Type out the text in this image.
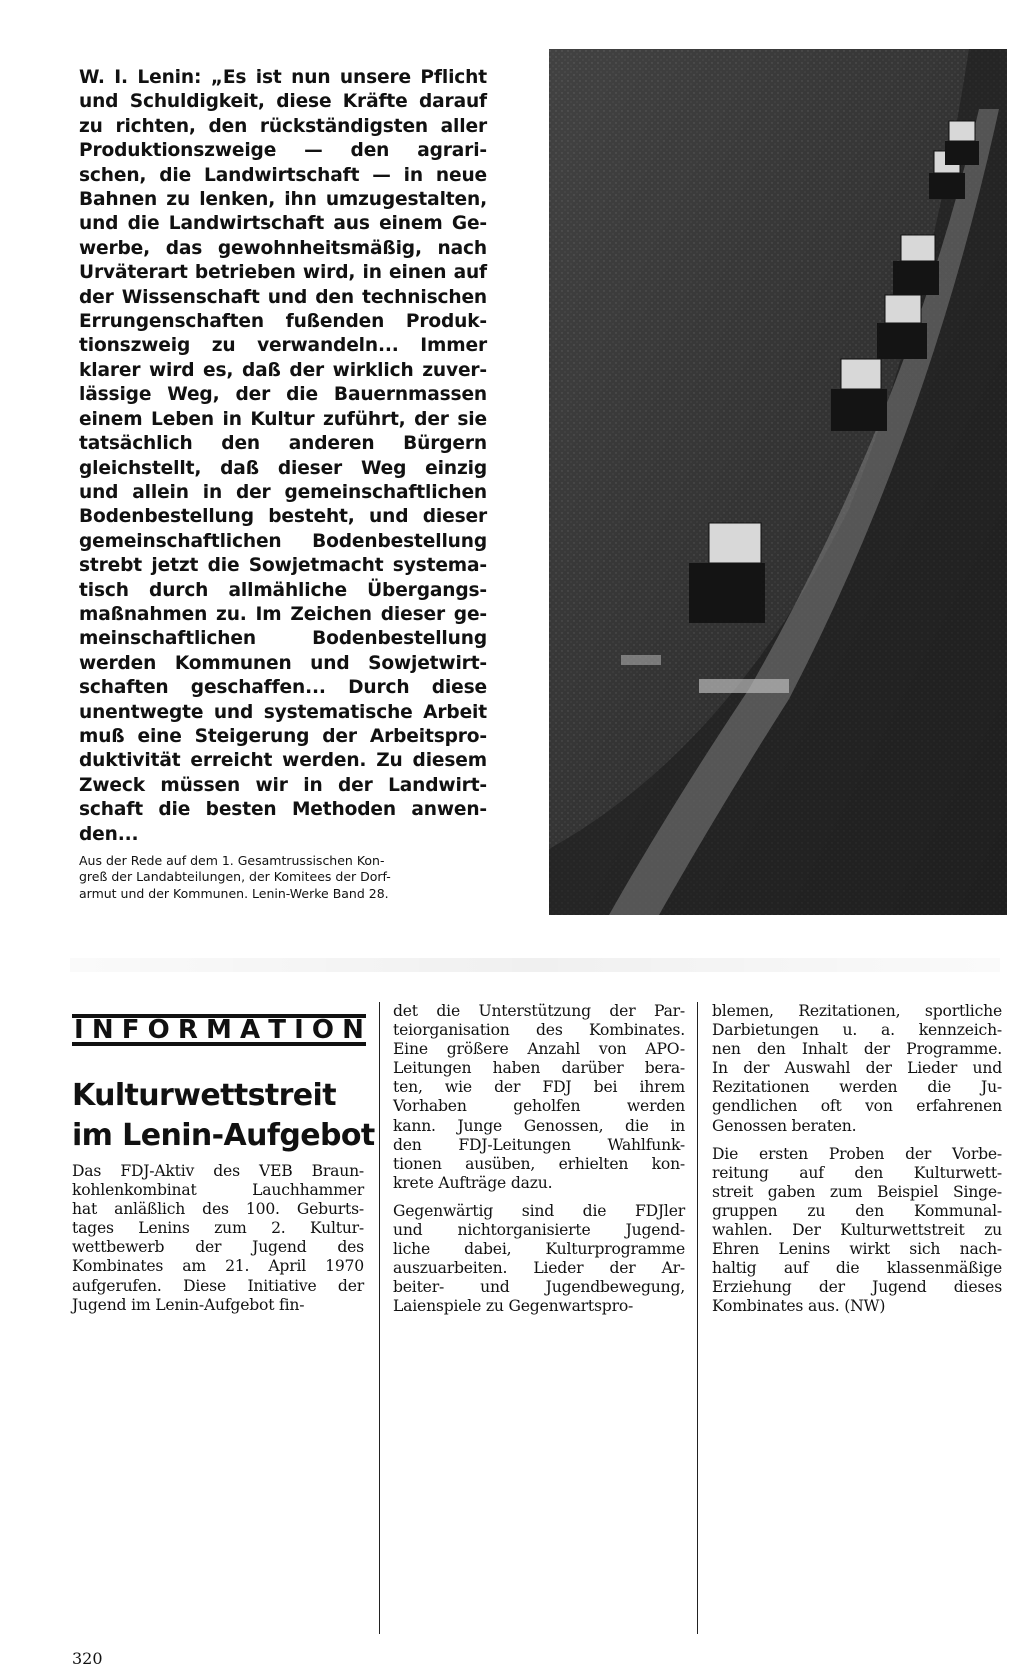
W. I. Lenin: „Es ist nun unsere Pflicht
und Schuldigkeit, diese Kräfte darauf
zu richten, den rückständigsten aller
Produktionszweige — den agrari-
schen, die Landwirtschaft — in neue
Bahnen zu lenken, ihn umzugestalten,
und die Landwirtschaft aus einem Ge-
werbe, das gewohnheitsmäßig, nach
Urväterart betrieben wird, in einen auf
der Wissenschaft und den technischen
Errungenschaften fußenden Produk-
tionszweig zu verwandeln... Immer
klarer wird es, daß der wirklich zuver-
lässige Weg, der die Bauernmassen
einem Leben in Kultur zuführt, der sie
tatsächlich den anderen Bürgern
gleichstellt, daß dieser Weg einzig
und allein in der gemeinschaftlichen
Bodenbestellung besteht, und dieser
gemeinschaftlichen Bodenbestellung
strebt jetzt die Sowjetmacht systema-
tisch durch allmähliche Übergangs-
maßnahmen zu. Im Zeichen dieser ge-
meinschaftlichen Bodenbestellung
werden Kommunen und Sowjetwirt-
schaften geschaffen... Durch diese
unentwegte und systematische Arbeit
muß eine Steigerung der Arbeitspro-
duktivität erreicht werden. Zu diesem
Zweck müssen wir in der Landwirt-
schaft die besten Methoden anwen-
den...
Aus der Rede auf dem 1. Gesamtrussischen Kon-
greß der Landabteilungen, der Komitees der Dorf-
armut und der Kommunen. Lenin-Werke Band 28.
I N F O R M A T I O N
Kulturwettstreit
im Lenin-Aufgebot
Das FDJ-Aktiv des VEB Braun-
kohlenkombinat Lauchhammer
hat anläßlich des 100. Geburts-
tages Lenins zum 2. Kultur-
wettbewerb der Jugend des
Kombinates am 21. April 1970
aufgerufen. Diese Initiative der
Jugend im Lenin-Aufgebot fin-
det die Unterstützung der Par-
teiorganisation des Kombinates.
Eine größere Anzahl von APO-
Leitungen haben darüber bera-
ten, wie der FDJ bei ihrem
Vorhaben geholfen werden
kann. Junge Genossen, die in
den FDJ-Leitungen Wahlfunk-
tionen ausüben, erhielten kon-
krete Aufträge dazu.
Gegenwärtig sind die FDJler
und nichtorganisierte Jugend-
liche dabei, Kulturprogramme
auszuarbeiten. Lieder der Ar-
beiter- und Jugendbewegung,
Laienspiele zu Gegenwartspro-
blemen, Rezitationen, sportliche
Darbietungen u. a. kennzeich-
nen den Inhalt der Programme.
In der Auswahl der Lieder und
Rezitationen werden die Ju-
gendlichen oft von erfahrenen
Genossen beraten.
Die ersten Proben der Vorbe-
reitung auf den Kulturwett-
streit gaben zum Beispiel Singe-
gruppen zu den Kommunal-
wahlen. Der Kulturwettstreit zu
Ehren Lenins wirkt sich nach-
haltig auf die klassenmäßige
Erziehung der Jugend dieses
Kombinates aus. (NW)
320
